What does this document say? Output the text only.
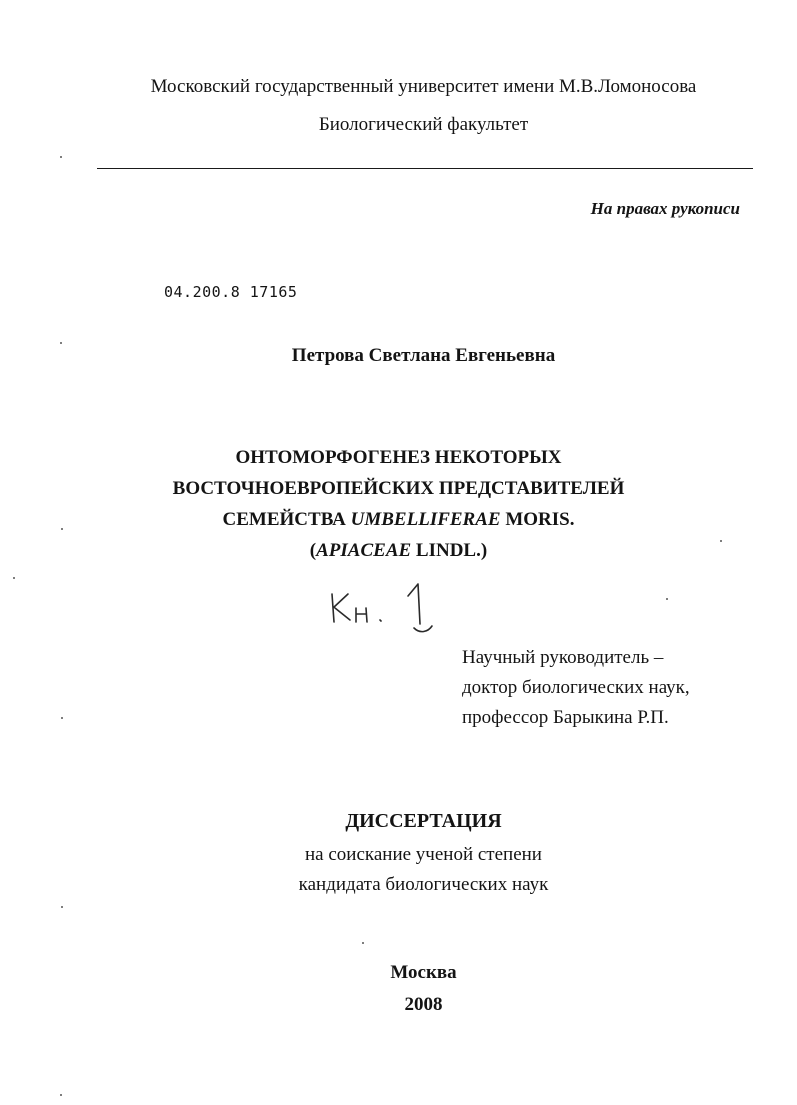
Московский государственный университет имени М.В.Ломоносова
Биологический факультет
На правах рукописи
04.200.8 17165
Петрова Светлана Евгеньевна
ОНТОМОРФОГЕНЕЗ НЕКОТОРЫХ
ВОСТОЧНОЕВРОПЕЙСКИХ ПРЕДСТАВИТЕЛЕЙ
СЕМЕЙСТВА UMBELLIFERAE MORIS.
(APIACEAE LINDL.)
Научный руководитель –
доктор биологических наук,
профессор Барыкина Р.П.
ДИССЕРТАЦИЯ
на соискание ученой степени
кандидата биологических наук
Москва
2008
